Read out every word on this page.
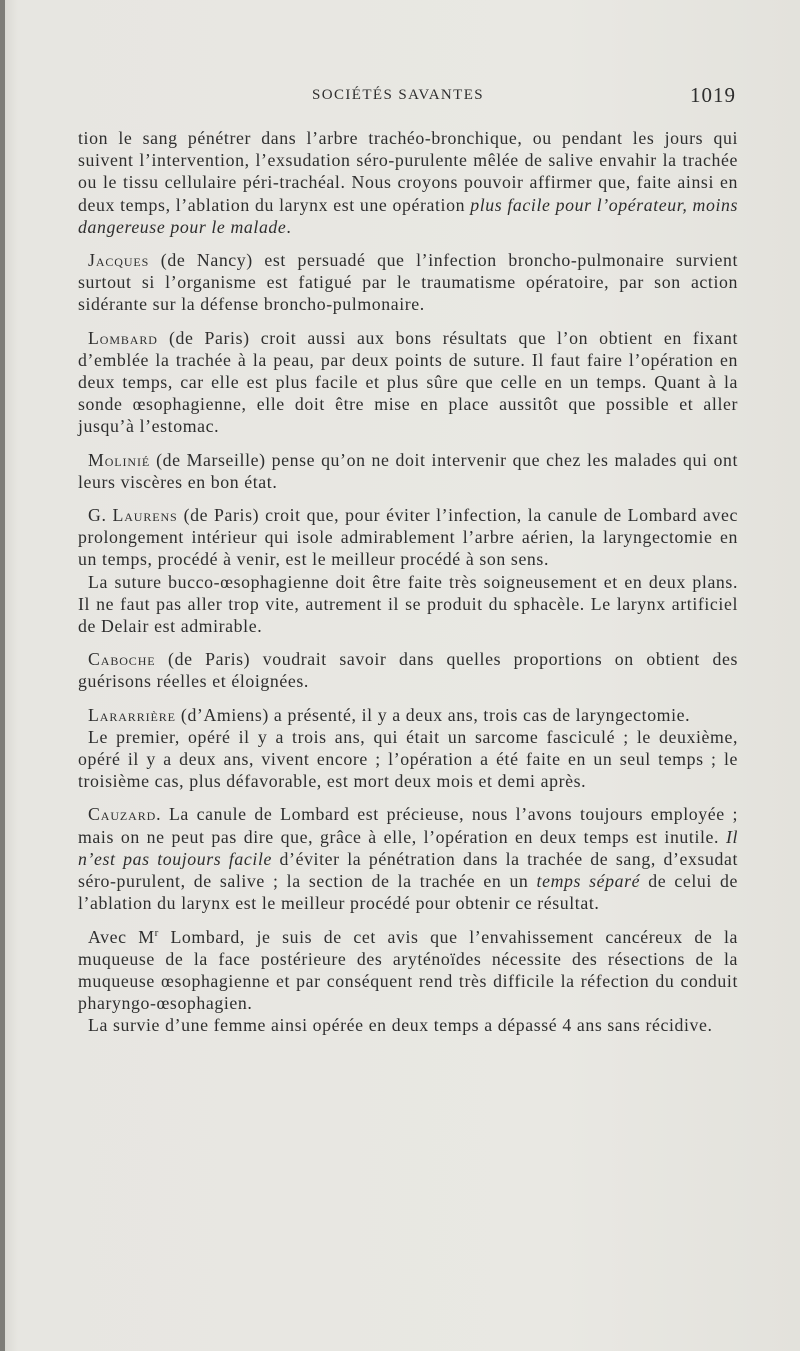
SOCIÉTÉS SAVANTES	1019

tion le sang pénétrer dans l’arbre trachéo-bronchique, ou pendant les jours qui suivent l’intervention, l’exsudation séro-purulente mêlée de salive envahir la trachée ou le tissu cellulaire péri-trachéal. Nous croyons pouvoir affirmer que, faite ainsi en deux temps, l’ablation du larynx est une opération plus facile pour l’opérateur, moins dangereuse pour le malade.

Jacques (de Nancy) est persuadé que l’infection broncho-pulmonaire survient surtout si l’organisme est fatigué par le traumatisme opératoire, par son action sidérante sur la défense broncho-pulmonaire.

Lombard (de Paris) croit aussi aux bons résultats que l’on obtient en fixant d’emblée la trachée à la peau, par deux points de suture. Il faut faire l’opération en deux temps, car elle est plus facile et plus sûre que celle en un temps. Quant à la sonde œsophagienne, elle doit être mise en place aussitôt que possible et aller jusqu’à l’estomac.

Molinié (de Marseille) pense qu’on ne doit intervenir que chez les malades qui ont leurs viscères en bon état.

G. Laurens (de Paris) croit que, pour éviter l’infection, la canule de Lombard avec prolongement intérieur qui isole admirablement l’arbre aérien, la laryngectomie en un temps, procédé à venir, est le meilleur procédé à son sens.

La suture bucco-œsophagienne doit être faite très soigneusement et en deux plans. Il ne faut pas aller trop vite, autrement il se produit du sphacèle. Le larynx artificiel de Delair est admirable.

Caboche (de Paris) voudrait savoir dans quelles proportions on obtient des guérisons réelles et éloignées.

Lararrière (d’Amiens) a présenté, il y a deux ans, trois cas de laryngectomie.

Le premier, opéré il y a trois ans, qui était un sarcome fasciculé ; le deuxième, opéré il y a deux ans, vivent encore ; l’opération a été faite en un seul temps ; le troisième cas, plus défavorable, est mort deux mois et demi après.

Cauzard. La canule de Lombard est précieuse, nous l’avons toujours employée ; mais on ne peut pas dire que, grâce à elle, l’opération en deux temps est inutile. Il n’est pas toujours facile d’éviter la pénétration dans la trachée de sang, d’exsudat séro-purulent, de salive ; la section de la trachée en un temps séparé de celui de l’ablation du larynx est le meilleur procédé pour obtenir ce résultat.

Avec $M^r$ Lombard, je suis de cet avis que l’envahissement cancéreux de la muqueuse de la face postérieure des aryténoïdes nécessite des résections de la muqueuse œsophagienne et par conséquent rend très difficile la réfection du conduit pharyngo-œsophagien.

La survie d’une femme ainsi opérée en deux temps a dépassé 4 ans sans récidive.
